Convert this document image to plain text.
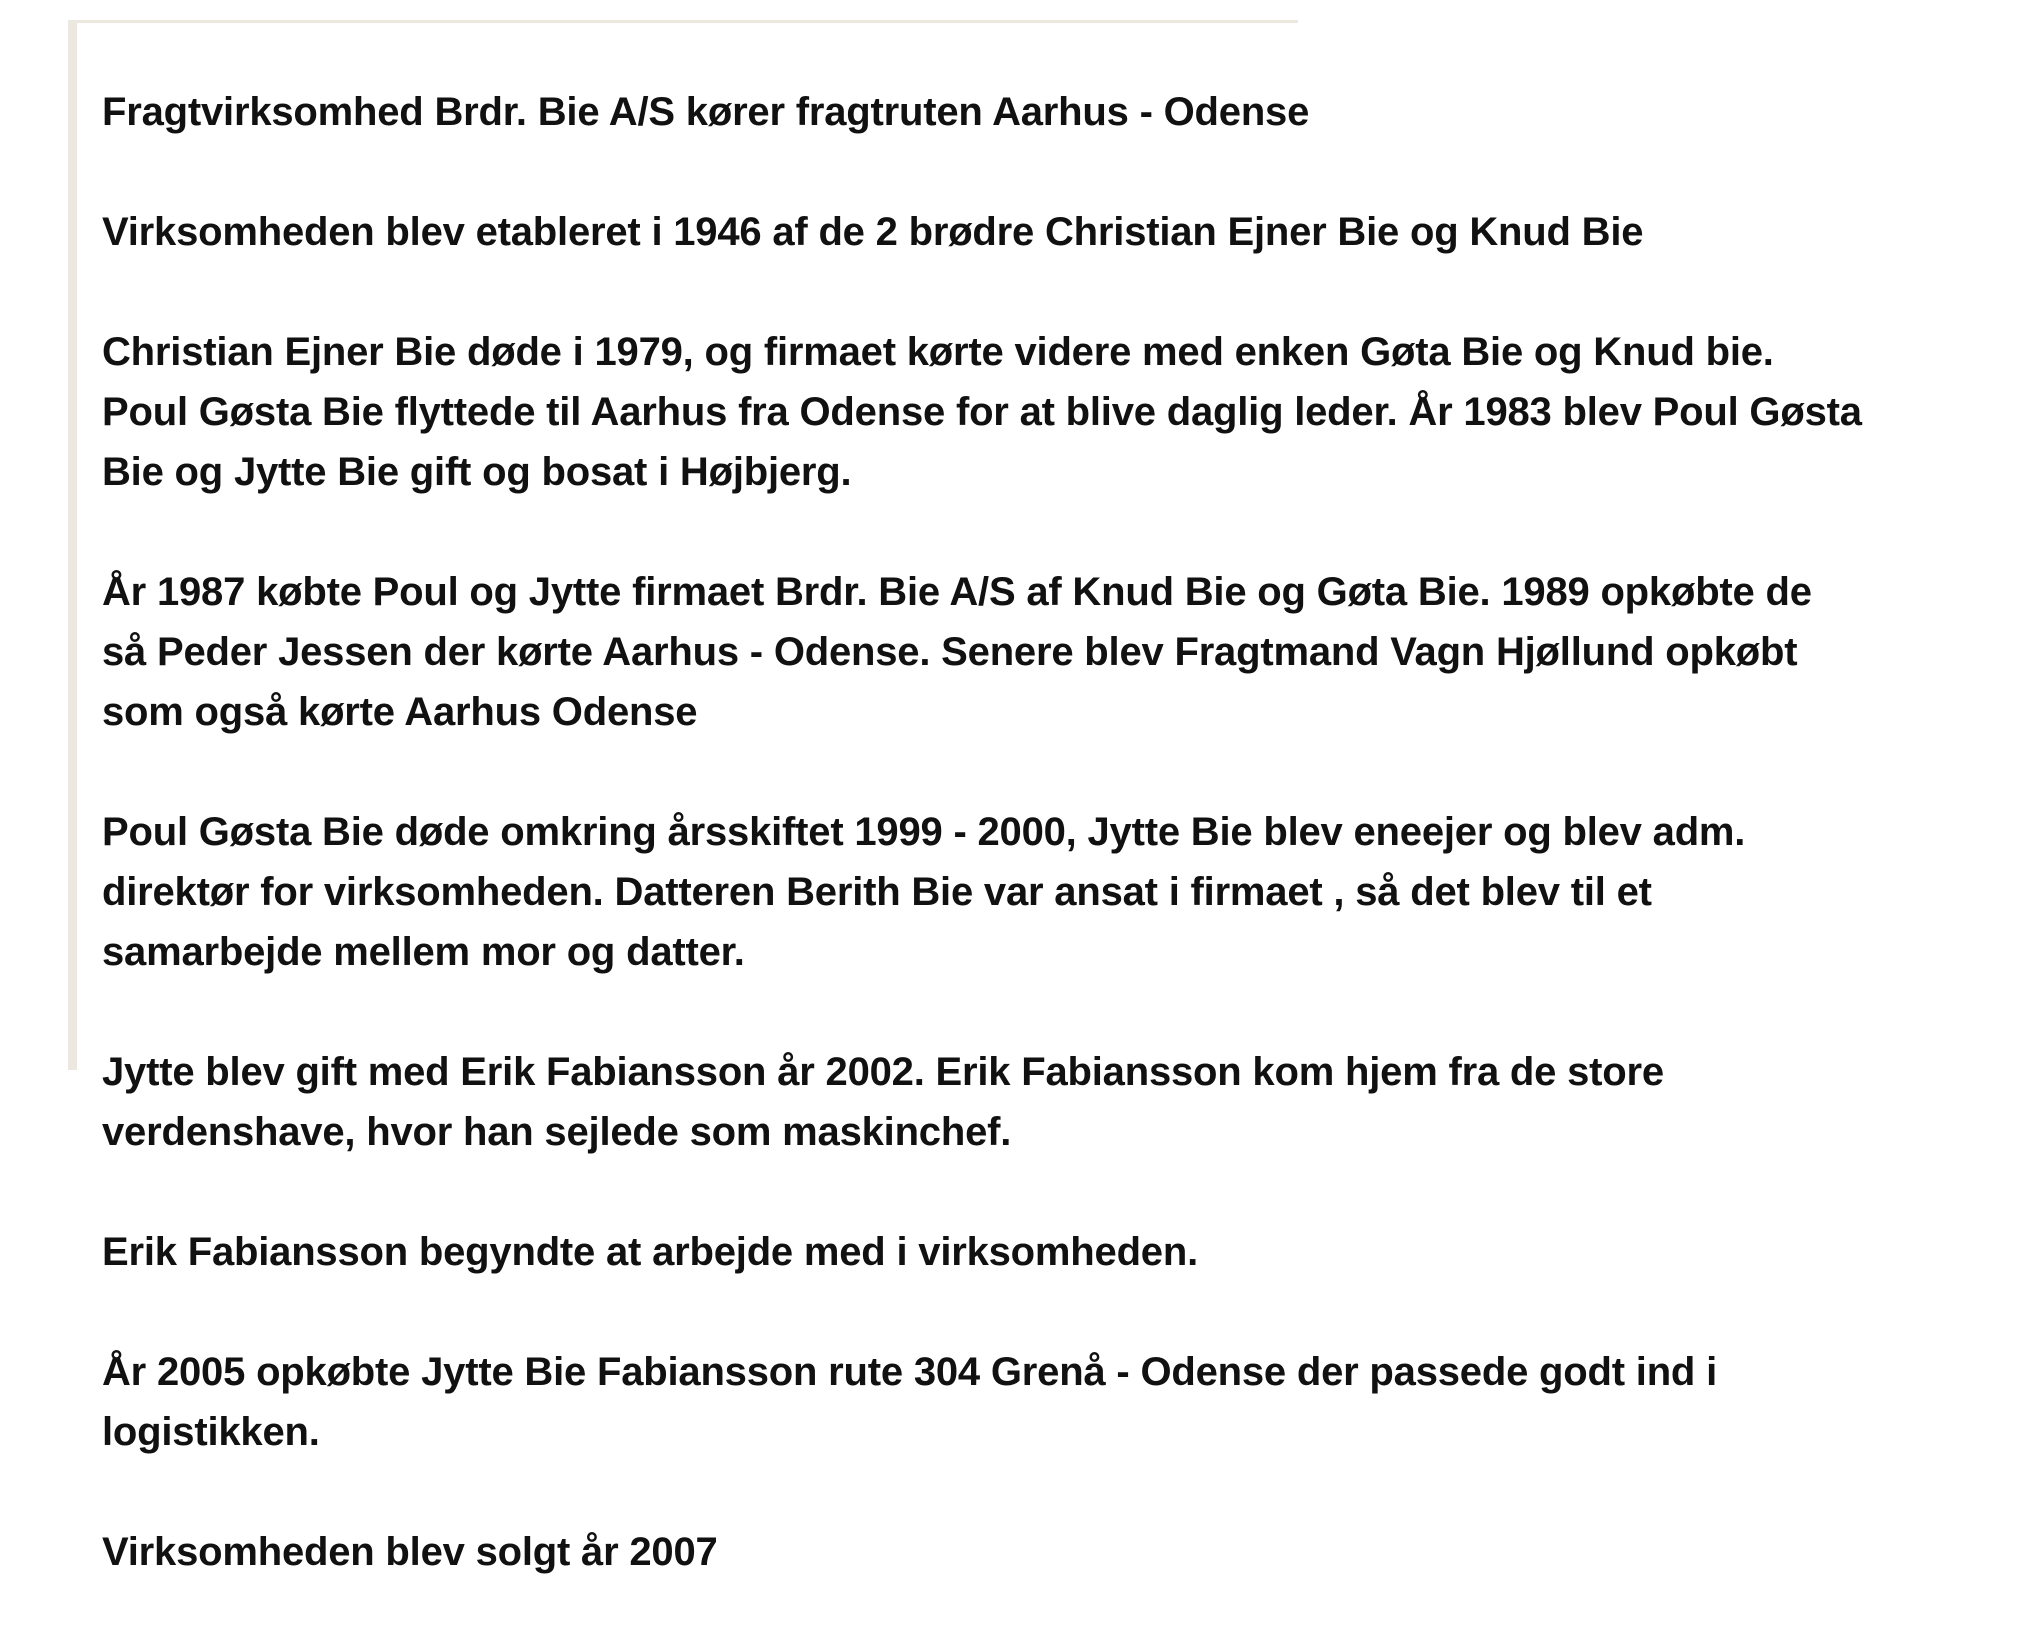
Fragtvirksomhed Brdr. Bie A/S kører fragtruten Aarhus - Odense
Virksomheden blev etableret i 1946 af de 2 brødre Christian Ejner Bie og Knud Bie
Christian Ejner Bie døde i 1979, og firmaet kørte videre med enken Gøta Bie og Knud bie.
Poul Gøsta Bie flyttede til Aarhus fra Odense for at blive daglig leder. År 1983 blev Poul Gøsta
Bie og Jytte Bie gift og bosat i Højbjerg.
År 1987 købte Poul og Jytte firmaet Brdr. Bie A/S af Knud Bie og Gøta Bie. 1989 opkøbte de
så Peder Jessen der kørte Aarhus - Odense. Senere blev Fragtmand Vagn Hjøllund opkøbt
som også kørte Aarhus Odense
Poul Gøsta Bie døde omkring årsskiftet 1999 - 2000, Jytte Bie blev eneejer og blev adm.
direktør for virksomheden. Datteren Berith Bie var ansat i firmaet , så det blev til et
samarbejde mellem mor og datter.
Jytte blev gift med Erik Fabiansson år 2002. Erik Fabiansson kom hjem fra de store
verdenshave, hvor han sejlede som maskinchef.
Erik Fabiansson begyndte at arbejde med i virksomheden.
År 2005 opkøbte Jytte Bie Fabiansson rute 304 Grenå - Odense der passede godt ind i
logistikken.
Virksomheden blev solgt år 2007
